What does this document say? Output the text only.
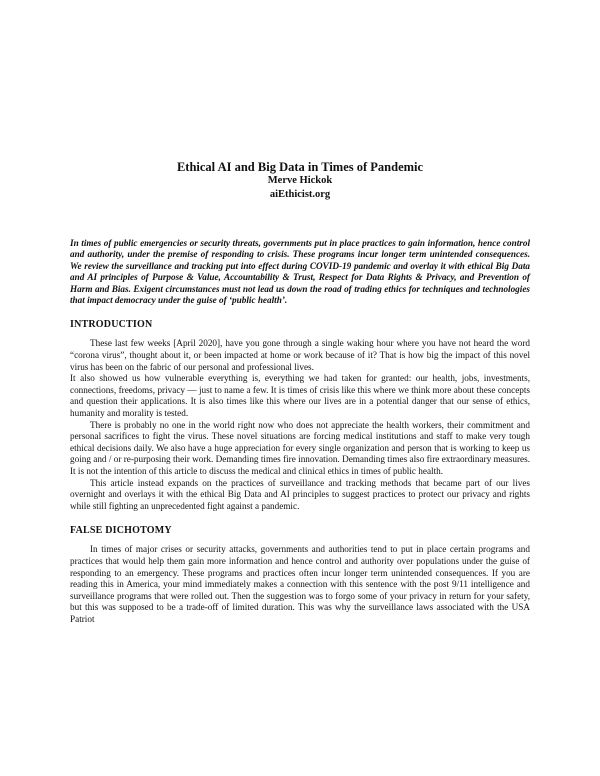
Ethical AI and Big Data in Times of Pandemic
Merve Hickok
aiEthicist.org
In times of public emergencies or security threats, governments put in place practices to gain information, hence control and authority, under the premise of responding to crisis. These programs incur longer term unintended consequences. We review the surveillance and tracking put into effect during COVID-19 pandemic and overlay it with ethical Big Data and AI principles of Purpose & Value, Accountability & Trust, Respect for Data Rights & Privacy, and Prevention of Harm and Bias. Exigent circumstances must not lead us down the road of trading ethics for techniques and technologies that impact democracy under the guise of ‘public health’.
INTRODUCTION

These last few weeks [April 2020], have you gone through a single waking hour where you have not heard the word “corona virus”, thought about it, or been impacted at home or work because of it? That is how big the impact of this novel virus has been on the fabric of our personal and professional lives.

It also showed us how vulnerable everything is, everything we had taken for granted: our health, jobs, investments, connections, freedoms, privacy — just to name a few. It is times of crisis like this where we think more about these concepts and question their applications. It is also times like this where our lives are in a potential danger that our sense of ethics, humanity and morality is tested.

There is probably no one in the world right now who does not appreciate the health workers, their commitment and personal sacrifices to fight the virus. These novel situations are forcing medical institutions and staff to make very tough ethical decisions daily. We also have a huge appreciation for every single organization and person that is working to keep us going and / or re-purposing their work. Demanding times fire innovation. Demanding times also fire extraordinary measures. It is not the intention of this article to discuss the medical and clinical ethics in times of public health.

This article instead expands on the practices of surveillance and tracking methods that became part of our lives overnight and overlays it with the ethical Big Data and AI principles to suggest practices to protect our privacy and rights while still fighting an unprecedented fight against a pandemic.

FALSE DICHOTOMY

In times of major crises or security attacks, governments and authorities tend to put in place certain programs and practices that would help them gain more information and hence control and authority over populations under the guise of responding to an emergency. These programs and practices often incur longer term unintended consequences. If you are reading this in America, your mind immediately makes a connection with this sentence with the post 9/11 intelligence and surveillance programs that were rolled out. Then the suggestion was to forgo some of your privacy in return for your safety, but this was supposed to be a trade-off of limited duration. This was why the surveillance laws associated with the USA Patriot
